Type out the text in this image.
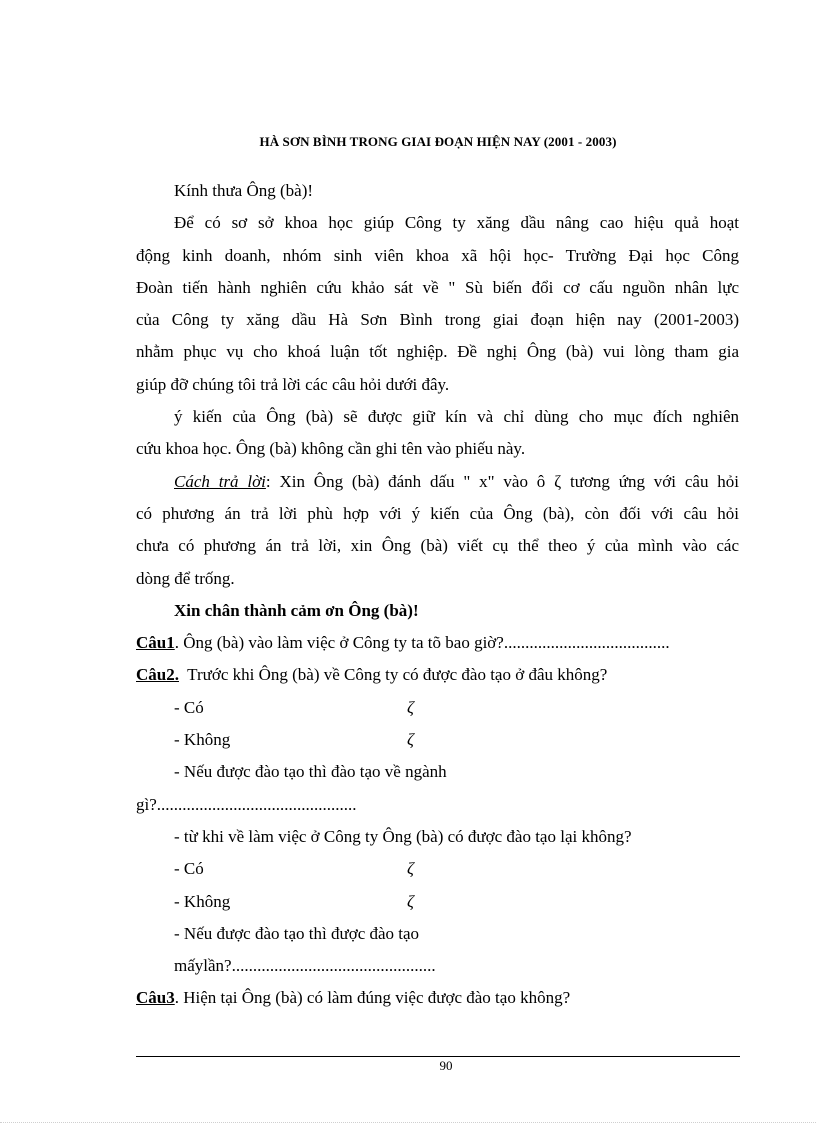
HÀ SƠN BÌNH TRONG GIAI ĐOẠN HIỆN NAY (2001 - 2003)
Kính thưa Ông (bà)!
Để có sơ sở khoa học giúp Công ty xăng dầu nâng cao hiệu quả hoạt
động kinh doanh, nhóm sinh viên khoa xã hội học- Trường Đại học Công
Đoàn tiến hành nghiên cứu khảo sát về " Sù biến đổi cơ cấu nguồn nhân lực
của Công ty xăng dầu Hà Sơn Bình trong giai đoạn hiện nay (2001-2003)
nhằm phục vụ cho khoá luận tốt nghiệp. Đề nghị Ông (bà) vui lòng tham gia
giúp đỡ chúng tôi trả lời các câu hỏi dưới đây.
ý kiến của Ông (bà) sẽ được giữ kín và chỉ dùng cho mục đích nghiên
cứu khoa học. Ông (bà) không cần ghi tên vào phiếu này.
Cách trả lời: Xin Ông (bà) đánh dấu " x" vào ô ζ tương ứng với câu hỏi
có phương án trả lời phù hợp với ý kiến của Ông (bà), còn đối với câu hỏi
chưa có phương án trả lời, xin Ông (bà) viết cụ thể theo ý của mình vào các
dòng để trống.
Xin chân thành cảm ơn Ông (bà)!
Câu1. Ông (bà) vào làm việc ở Công ty ta tõ bao giờ?.......................................
Câu2.  Trước khi Ông (bà) về Công ty có được đào tạo ở đâu không?
- Có	ζ
- Không	ζ
- Nếu được đào tạo thì đào tạo về ngành
gì?...............................................
- từ khi về làm việc ở Công ty Ông (bà) có được đào tạo lại không?
- Có	ζ
- Không	ζ
- Nếu được đào tạo thì được đào tạo
mấylần?................................................
Câu3. Hiện tại Ông (bà) có làm đúng việc được đào tạo không?
90
